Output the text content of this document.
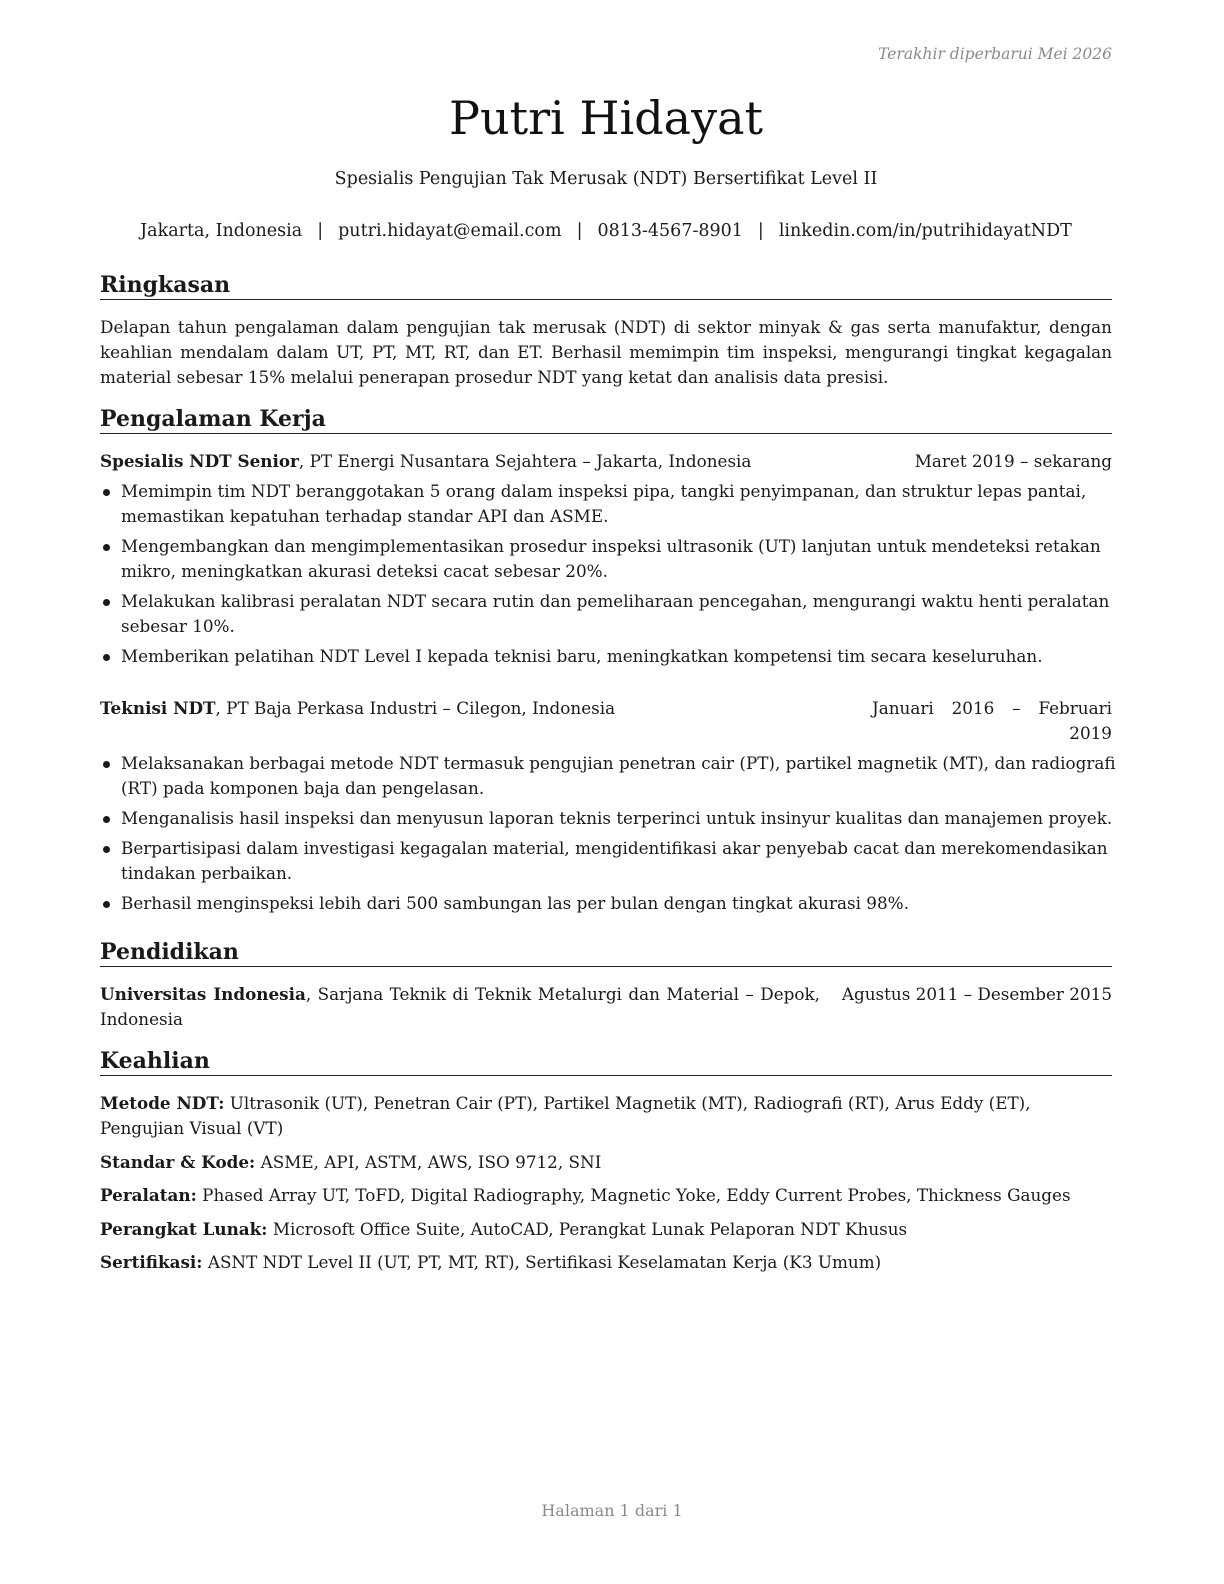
Terakhir diperbarui Mei 2026
Putri Hidayat
Spesialis Pengujian Tak Merusak (NDT) Bersertifikat Level II
Jakarta, Indonesia | putri.hidayat@email.com | 0813-4567-8901 | linkedin.com/in/putrihidayatNDT
Ringkasan
Delapan tahun pengalaman dalam pengujian tak merusak (NDT) di sektor minyak & gas serta manufaktur, dengan keahlian mendalam dalam UT, PT, MT, RT, dan ET. Berhasil memimpin tim inspeksi, mengurangi tingkat kegagalan material sebesar 15% melalui penerapan prosedur NDT yang ketat dan analisis data presisi.
Pengalaman Kerja
Spesialis NDT Senior, PT Energi Nusantara Sejahtera – Jakarta, Indonesia	Maret 2019 – sekarang
Memimpin tim NDT beranggotakan 5 orang dalam inspeksi pipa, tangki penyimpanan, dan struktur lepas pantai, memastikan kepatuhan terhadap standar API dan ASME.
Mengembangkan dan mengimplementasikan prosedur inspeksi ultrasonik (UT) lanjutan untuk mendeteksi retakan mikro, meningkatkan akurasi deteksi cacat sebesar 20%.
Melakukan kalibrasi peralatan NDT secara rutin dan pemeliharaan pencegahan, mengurangi waktu henti peralatan sebesar 10%.
Memberikan pelatihan NDT Level I kepada teknisi baru, meningkatkan kompetensi tim secara keseluruhan.
Teknisi NDT, PT Baja Perkasa Industri – Cilegon, Indonesia	Januari 2016 – Februari 2019
Melaksanakan berbagai metode NDT termasuk pengujian penetran cair (PT), partikel magnetik (MT), dan radiografi (RT) pada komponen baja dan pengelasan.
Menganalisis hasil inspeksi dan menyusun laporan teknis terperinci untuk insinyur kualitas dan manajemen proyek.
Berpartisipasi dalam investigasi kegagalan material, mengidentifikasi akar penyebab cacat dan merekomendasikan tindakan perbaikan.
Berhasil menginspeksi lebih dari 500 sambungan las per bulan dengan tingkat akurasi 98%.
Pendidikan
Universitas Indonesia, Sarjana Teknik di Teknik Metalurgi dan Material – Depok, Indonesia
Agustus 2011 – Desember 2015
Keahlian
Metode NDT: Ultrasonik (UT), Penetran Cair (PT), Partikel Magnetik (MT), Radiografi (RT), Arus Eddy (ET), Pengujian Visual (VT)
Standar & Kode: ASME, API, ASTM, AWS, ISO 9712, SNI
Peralatan: Phased Array UT, ToFD, Digital Radiography, Magnetic Yoke, Eddy Current Probes, Thickness Gauges
Perangkat Lunak: Microsoft Office Suite, AutoCAD, Perangkat Lunak Pelaporan NDT Khusus
Sertifikasi: ASNT NDT Level II (UT, PT, MT, RT), Sertifikasi Keselamatan Kerja (K3 Umum)
Halaman 1 dari 1
